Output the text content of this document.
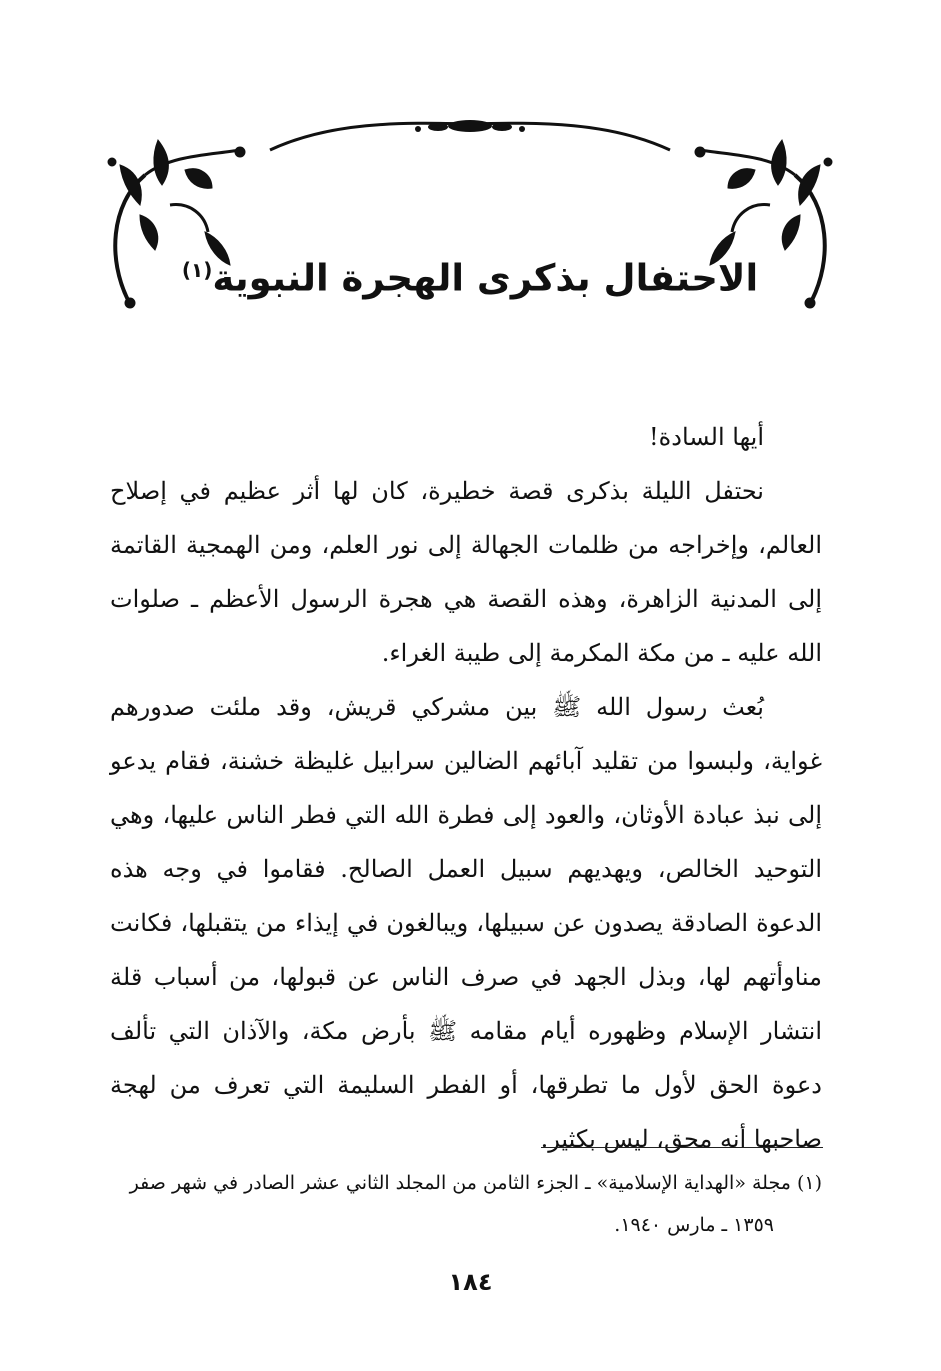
الاحتفال بذكرى الهجرة النبوية$^{(١)}$

أيها السادة!

نحتفل الليلة بذكرى قصة خطيرة، كان لها أثر عظيم في إصلاح العالم، وإخراجه من ظلمات الجهالة إلى نور العلم، ومن الهمجية القاتمة إلى المدنية الزاهرة، وهذه القصة هي هجرة الرسول الأعظم ـ صلوات الله عليه ـ من مكة المكرمة إلى طيبة الغراء.

بُعث رسول الله ﷺ بين مشركي قريش، وقد ملئت صدورهم غواية، ولبسوا من تقليد آبائهم الضالين سرابيل غليظة خشنة، فقام يدعو إلى نبذ عبادة الأوثان، والعود إلى فطرة الله التي فطر الناس عليها، وهي التوحيد الخالص، ويهديهم سبيل العمل الصالح. فقاموا في وجه هذه الدعوة الصادقة يصدون عن سبيلها، ويبالغون في إيذاء من يتقبلها، فكانت مناوأتهم لها، وبذل الجهد في صرف الناس عن قبولها، من أسباب قلة انتشار الإسلام وظهوره أيام مقامه ﷺ بأرض مكة، والآذان التي تألف دعوة الحق لأول ما تطرقها، أو الفطر السليمة التي تعرف من لهجة صاحبها أنه محق، ليس بكثير.

(١) مجلة «الهداية الإسلامية» ـ الجزء الثامن من المجلد الثاني عشر الصادر في شهر صفر
١٣٥٩ ـ مارس ١٩٤٠.
١٨٤
